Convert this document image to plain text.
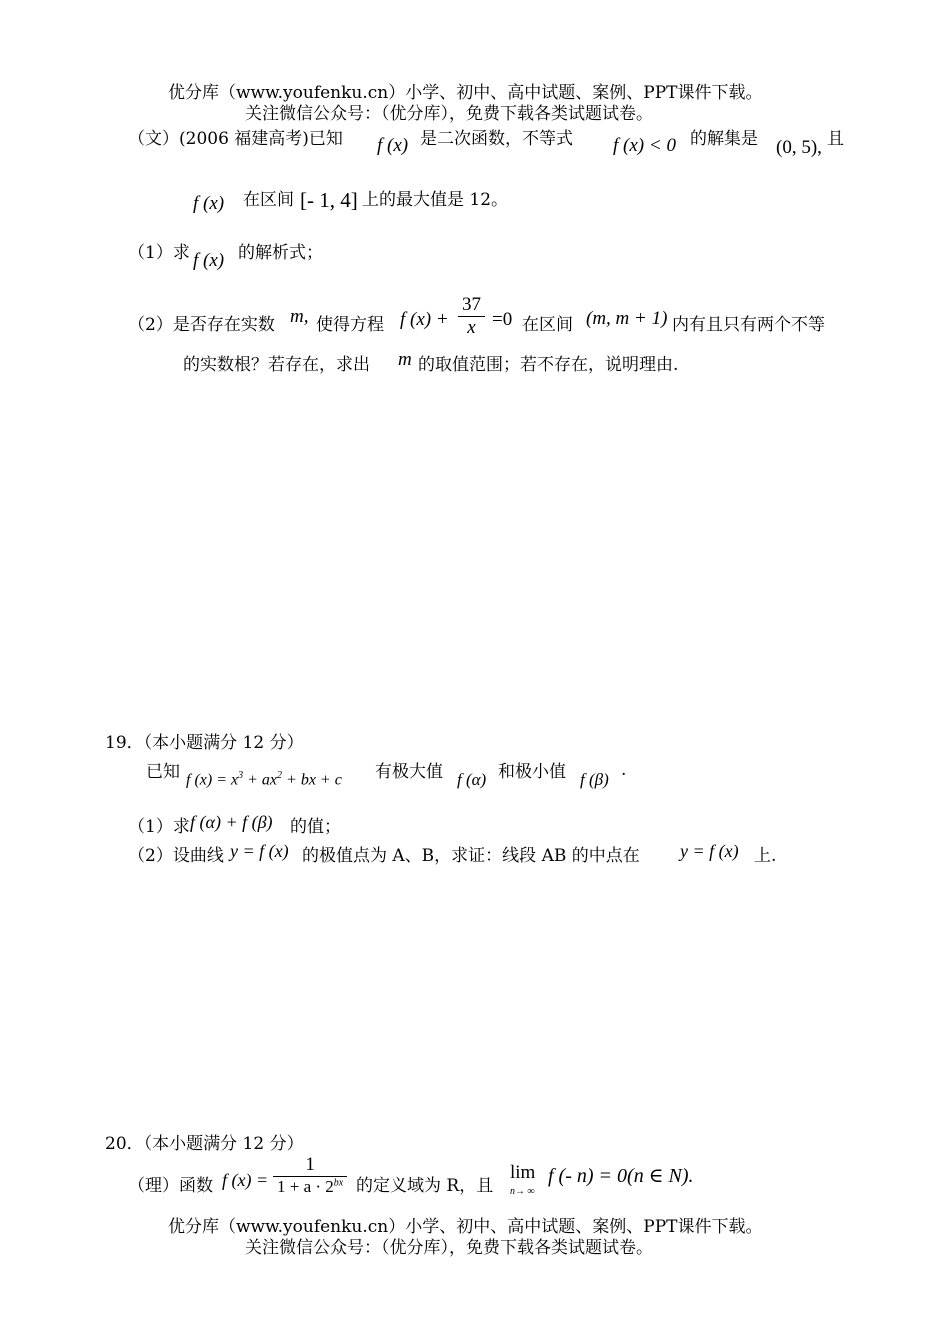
优分库（www.youfenku.cn）小学、初中、高中试题、案例、PPT课件下载。
关注微信公众号：（优分库），免费下载各类试题试卷。
（文）(2006 福建高考)已知 f (x) 是二次函数，不等式 f (x) < 0 的解集是 (0, 5), 且
f (x) 在区间 [- 1, 4] 上的最大值是 12。
（1）求 f (x) 的解析式；
（2）是否存在实数 m, 使得方程 f $(x) + \frac{37}{x} =0$ 在区间 (m, m + 1) 内有且只有两个不等
的实数根？若存在，求出 m 的取值范围；若不存在，说明理由.
19．（本小题满分 12 分）
已知 f $(x) = x^3 + ax^2$ + bx + c 有极大值 f (α) 和极小值 f (β) .
（1）求 f (α) + f (β) 的值；
（2）设曲线 y = f (x) 的极值点为 A、B，求证：线段 AB 的中点在 y = f (x) 上.
20．（本小题满分 12 分）
（理）函数 f $(x) = \frac{1}{1 + a \cdot 2^{bx}}$ 的定义域为 R，且
lim
n→ ∞
f (- n) = 0(n ∈ N).
优分库（www.youfenku.cn）小学、初中、高中试题、案例、PPT课件下载。
关注微信公众号：（优分库），免费下载各类试题试卷。
